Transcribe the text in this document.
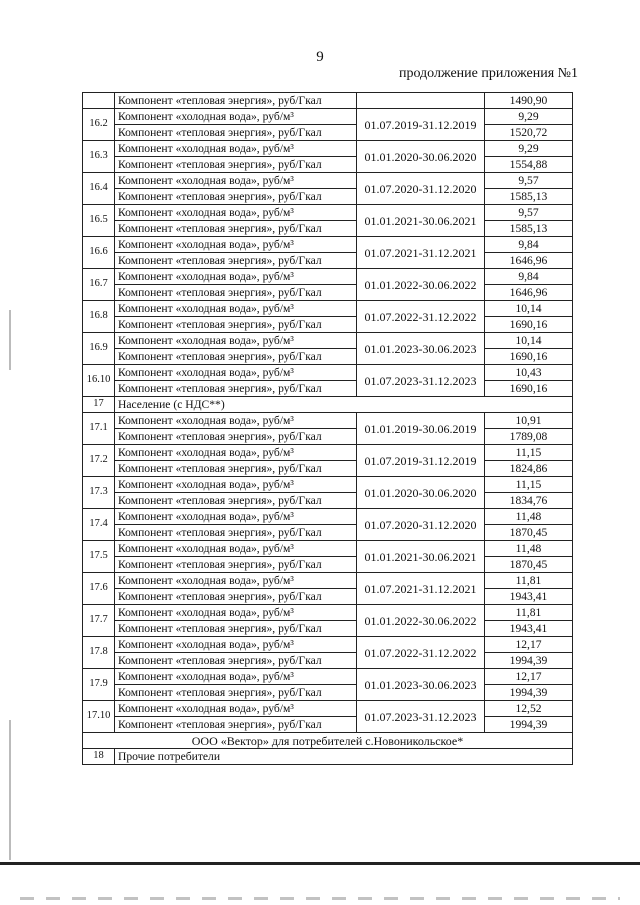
9
продолжение приложения №1
	Компонент «тепловая энергия», руб/Гкал		1490,90
16.2	Компонент «холодная вода», руб/м³	01.07.2019-31.12.2019	9,29
	Компонент «тепловая энергия», руб/Гкал		1520,72
16.3	Компонент «холодная вода», руб/м³	01.01.2020-30.06.2020	9,29
	Компонент «тепловая энергия», руб/Гкал		1554,88
16.4	Компонент «холодная вода», руб/м³	01.07.2020-31.12.2020	9,57
	Компонент «тепловая энергия», руб/Гкал		1585,13
16.5	Компонент «холодная вода», руб/м³	01.01.2021-30.06.2021	9,57
	Компонент «тепловая энергия», руб/Гкал		1585,13
16.6	Компонент «холодная вода», руб/м³	01.07.2021-31.12.2021	9,84
	Компонент «тепловая энергия», руб/Гкал		1646,96
16.7	Компонент «холодная вода», руб/м³	01.01.2022-30.06.2022	9,84
	Компонент «тепловая энергия», руб/Гкал		1646,96
16.8	Компонент «холодная вода», руб/м³	01.07.2022-31.12.2022	10,14
	Компонент «тепловая энергия», руб/Гкал		1690,16
16.9	Компонент «холодная вода», руб/м³	01.01.2023-30.06.2023	10,14
	Компонент «тепловая энергия», руб/Гкал		1690,16
16.10	Компонент «холодная вода», руб/м³	01.07.2023-31.12.2023	10,43
	Компонент «тепловая энергия», руб/Гкал		1690,16
17	Население (с НДС**)		
17.1	Компонент «холодная вода», руб/м³	01.01.2019-30.06.2019	10,91
	Компонент «тепловая энергия», руб/Гкал		1789,08
17.2	Компонент «холодная вода», руб/м³	01.07.2019-31.12.2019	11,15
	Компонент «тепловая энергия», руб/Гкал		1824,86
17.3	Компонент «холодная вода», руб/м³	01.01.2020-30.06.2020	11,15
	Компонент «тепловая энергия», руб/Гкал		1834,76
17.4	Компонент «холодная вода», руб/м³	01.07.2020-31.12.2020	11,48
	Компонент «тепловая энергия», руб/Гкал		1870,45
17.5	Компонент «холодная вода», руб/м³	01.01.2021-30.06.2021	11,48
	Компонент «тепловая энергия», руб/Гкал		1870,45
17.6	Компонент «холодная вода», руб/м³	01.07.2021-31.12.2021	11,81
	Компонент «тепловая энергия», руб/Гкал		1943,41
17.7	Компонент «холодная вода», руб/м³	01.01.2022-30.06.2022	11,81
	Компонент «тепловая энергия», руб/Гкал		1943,41
17.8	Компонент «холодная вода», руб/м³	01.07.2022-31.12.2022	12,17
	Компонент «тепловая энергия», руб/Гкал		1994,39
17.9	Компонент «холодная вода», руб/м³	01.01.2023-30.06.2023	12,17
	Компонент «тепловая энергия», руб/Гкал		1994,39
17.10	Компонент «холодная вода», руб/м³	01.07.2023-31.12.2023	12,52
	Компонент «тепловая энергия», руб/Гкал		1994,39
ООО «Вектор» для потребителей с.Новоникольское*			
18	Прочие потребители		
